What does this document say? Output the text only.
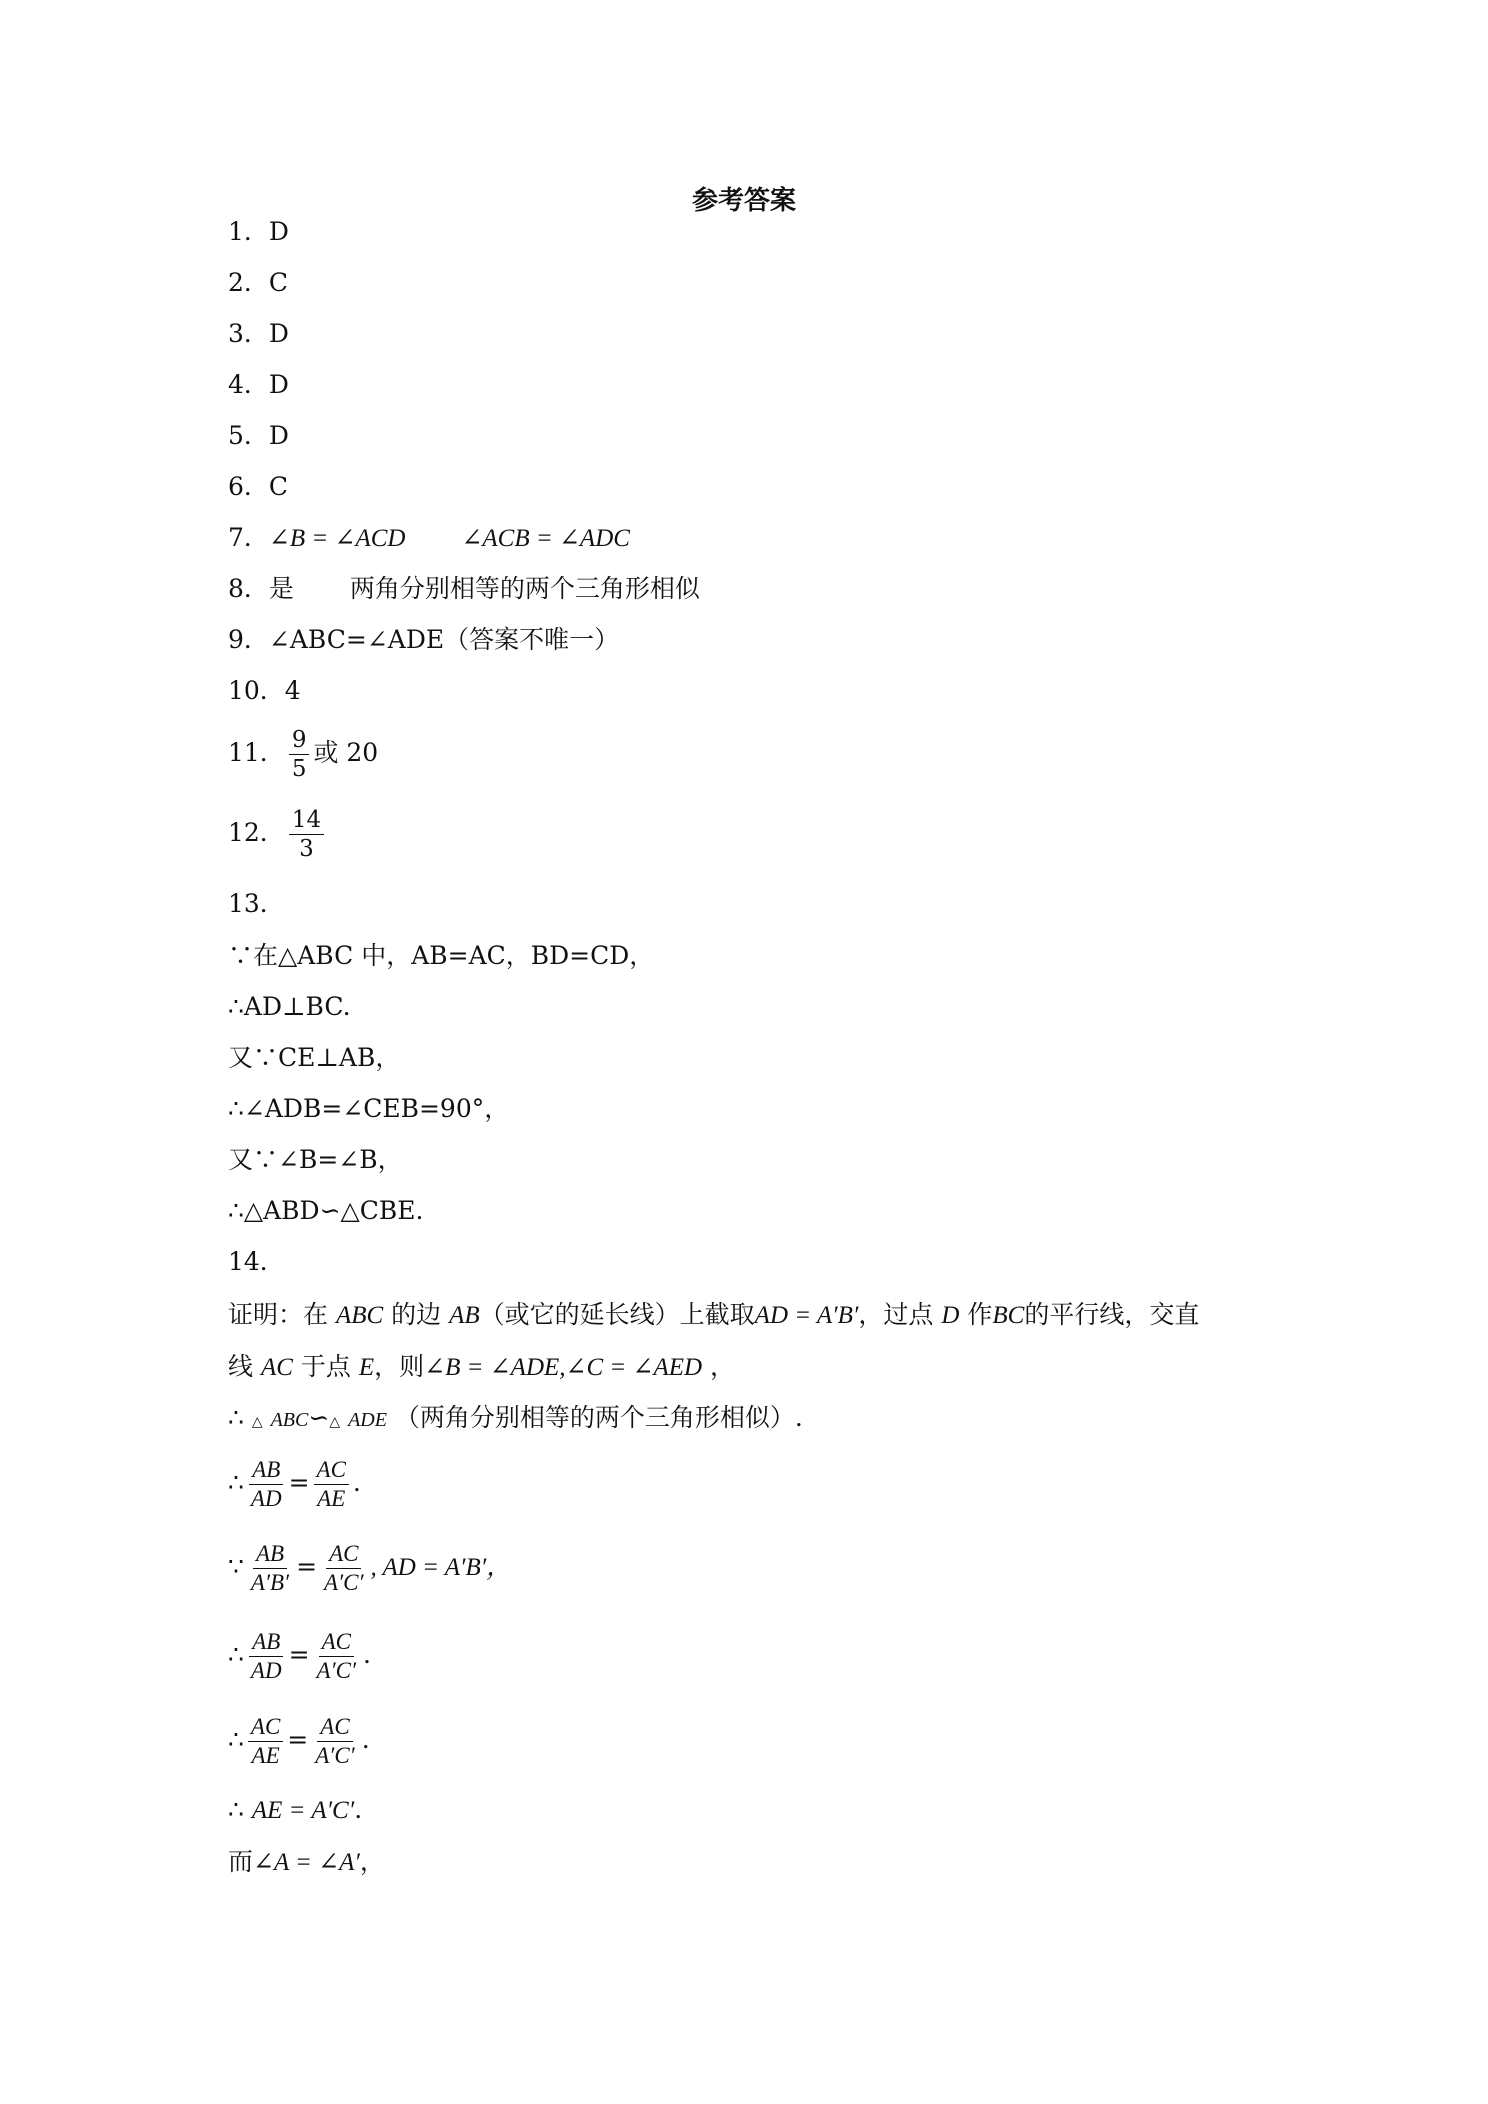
参考答案
1．D
2．C
3．D
4．D
5．D
6．C
7．∠B = ∠ACD ∠ACB = ∠ADC
8．是 两角分别相等的两个三角形相似
9．∠ABC=∠ADE（答案不唯一）
10．4
11． $\frac{9}{5}$ 或 20
12． $\frac{14}{3}$
13．
∵在△ABC 中，AB=AC，BD=CD，
∴AD⊥BC.
又∵CE⊥AB，
∴∠ADB=∠CEB=90°，
又∵∠B=∠B，
∴△ABD∽△CBE.
14．
证明：在 ABC 的边 AB（或它的延长线）上截取AD = A′B′，过点 D 作BC的平行线，交直
线 AC 于点 E，则∠B = ∠ADE,∠C = ∠AED ，
∴ △ ABC∽△ ADE （两角分别相等的两个三角形相似）.
∴ $\frac{AB}{AD} = \frac{AC}{AE}$ .
∵ $\frac{AB}{A'B'} = \frac{AC}{A'C'}$ , AD = A′B′，
∴ $\frac{AB}{AD} = \frac{AC}{A'C'}$ .
∴ $\frac{AC}{AE} = \frac{AC}{A'C'}$ .
∴ AE = A′C′.
而∠A = ∠A′，
